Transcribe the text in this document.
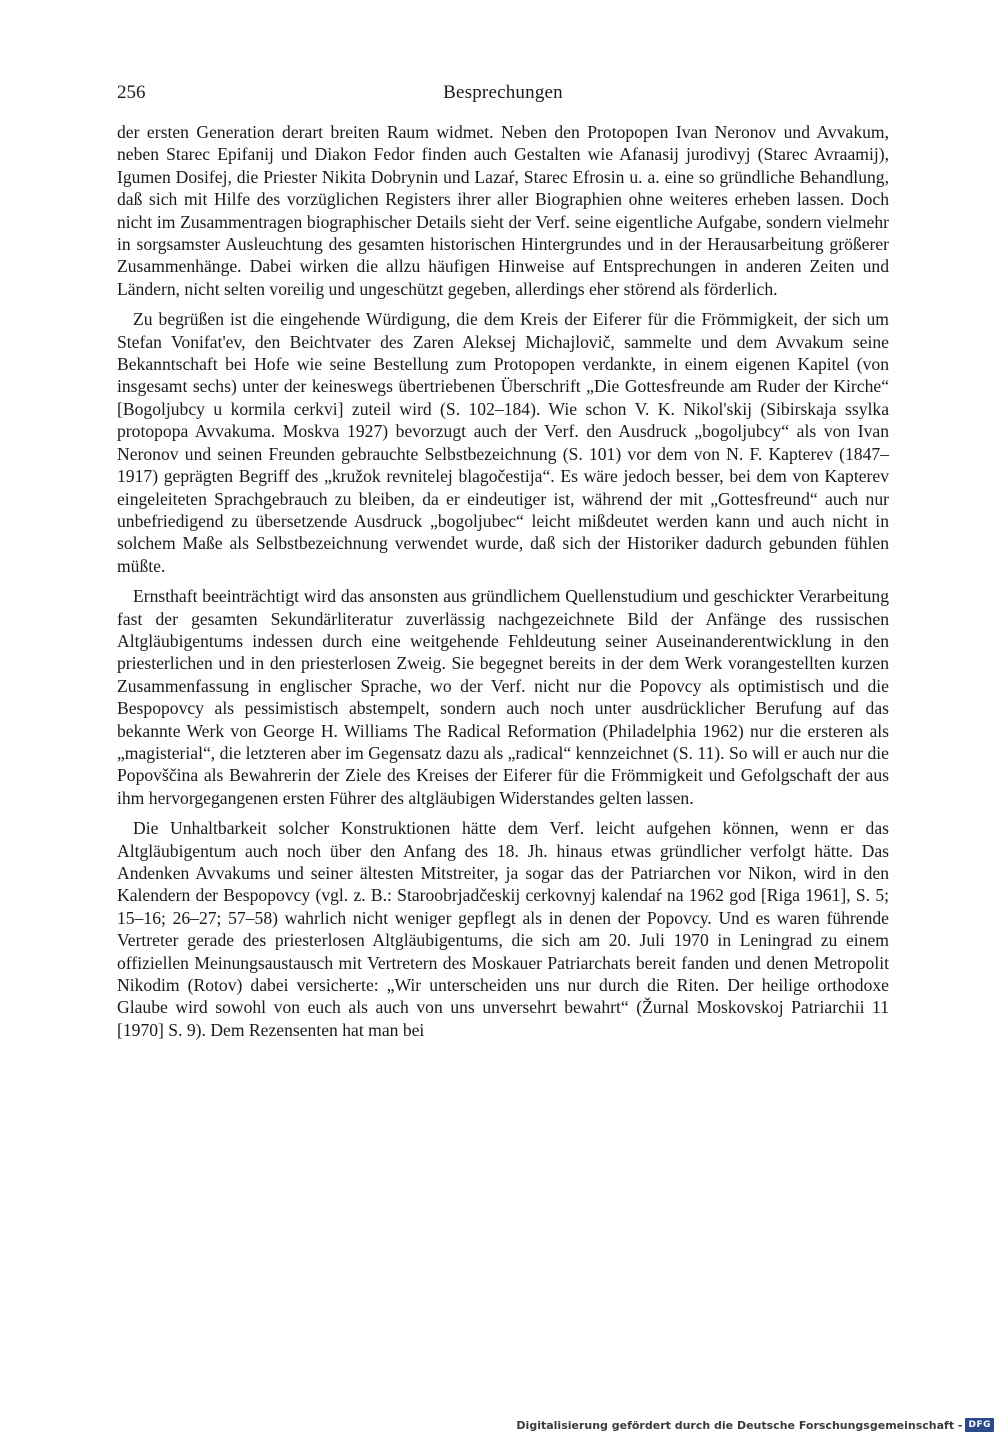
256	Besprechungen

der ersten Generation derart breiten Raum widmet. Neben den Protopopen Ivan Neronov und Avvakum, neben Starec Epifanij und Diakon Fedor finden auch Gestalten wie Afanasij jurodivyj (Starec Avraamij), Igumen Dosifej, die Priester Nikita Dobrynin und Lazaŕ, Starec Efrosin u. a. eine so gründliche Behandlung, daß sich mit Hilfe des vorzüglichen Registers ihrer aller Biographien ohne weiteres erheben lassen. Doch nicht im Zusammentragen biographischer Details sieht der Verf. seine eigentliche Aufgabe, sondern vielmehr in sorgsamster Ausleuchtung des gesamten historischen Hintergrundes und in der Herausarbeitung größerer Zusammenhänge. Dabei wirken die allzu häufigen Hinweise auf Entsprechungen in anderen Zeiten und Ländern, nicht selten voreilig und ungeschützt gegeben, allerdings eher störend als förderlich.

Zu begrüßen ist die eingehende Würdigung, die dem Kreis der Eiferer für die Frömmigkeit, der sich um Stefan Vonifat'ev, den Beichtvater des Zaren Aleksej Michajlovič, sammelte und dem Avvakum seine Bekanntschaft bei Hofe wie seine Bestellung zum Protopopen verdankte, in einem eigenen Kapitel (von insgesamt sechs) unter der keineswegs übertriebenen Überschrift „Die Gottesfreunde am Ruder der Kirche“ [Bogoljubcy u kormila cerkvi] zuteil wird (S. 102–184). Wie schon V. K. Nikol'skij (Sibirskaja ssylka protopopa Avvakuma. Moskva 1927) bevorzugt auch der Verf. den Ausdruck „bogoljubcy“ als von Ivan Neronov und seinen Freunden gebrauchte Selbstbezeichnung (S. 101) vor dem von N. F. Kapterev (1847–1917) geprägten Begriff des „kružok revnitelej blagočestija“. Es wäre jedoch besser, bei dem von Kapterev eingeleiteten Sprachgebrauch zu bleiben, da er eindeutiger ist, während der mit „Gottesfreund“ auch nur unbefriedigend zu übersetzende Ausdruck „bogoljubec“ leicht mißdeutet werden kann und auch nicht in solchem Maße als Selbstbezeichnung verwendet wurde, daß sich der Historiker dadurch gebunden fühlen müßte.

Ernsthaft beeinträchtigt wird das ansonsten aus gründlichem Quellenstudium und geschickter Verarbeitung fast der gesamten Sekundärliteratur zuverlässig nachgezeichnete Bild der Anfänge des russischen Altgläubigentums indessen durch eine weitgehende Fehldeutung seiner Auseinanderentwicklung in den priesterlichen und in den priesterlosen Zweig. Sie begegnet bereits in der dem Werk vorangestellten kurzen Zusammenfassung in englischer Sprache, wo der Verf. nicht nur die Popovcy als optimistisch und die Bespopovcy als pessimistisch abstempelt, sondern auch noch unter ausdrücklicher Berufung auf das bekannte Werk von George H. Williams The Radical Reformation (Philadelphia 1962) nur die ersteren als „magisterial“, die letzteren aber im Gegensatz dazu als „radical“ kennzeichnet (S. 11). So will er auch nur die Popovščina als Bewahrerin der Ziele des Kreises der Eiferer für die Frömmigkeit und Gefolgschaft der aus ihm hervorgegangenen ersten Führer des altgläubigen Widerstandes gelten lassen.

Die Unhaltbarkeit solcher Konstruktionen hätte dem Verf. leicht aufgehen können, wenn er das Altgläubigentum auch noch über den Anfang des 18. Jh. hinaus etwas gründlicher verfolgt hätte. Das Andenken Avvakums und seiner ältesten Mitstreiter, ja sogar das der Patriarchen vor Nikon, wird in den Kalendern der Bespopovcy (vgl. z. B.: Staroobrjadčeskij cerkovnyj kalendaŕ na 1962 god [Riga 1961], S. 5; 15–16; 26–27; 57–58) wahrlich nicht weniger gepflegt als in denen der Popovcy. Und es waren führende Vertreter gerade des priesterlosen Altgläubigentums, die sich am 20. Juli 1970 in Leningrad zu einem offiziellen Meinungsaustausch mit Vertretern des Moskauer Patriarchats bereit fanden und denen Metropolit Nikodim (Rotov) dabei versicherte: „Wir unterscheiden uns nur durch die Riten. Der heilige orthodoxe Glaube wird sowohl von euch als auch von uns unversehrt bewahrt“ (Žurnal Moskovskoj Patriarchii 11 [1970] S. 9). Dem Rezensenten hat man bei

Digitalisierung gefördert durch die Deutsche Forschungsgemeinschaft - DFG
